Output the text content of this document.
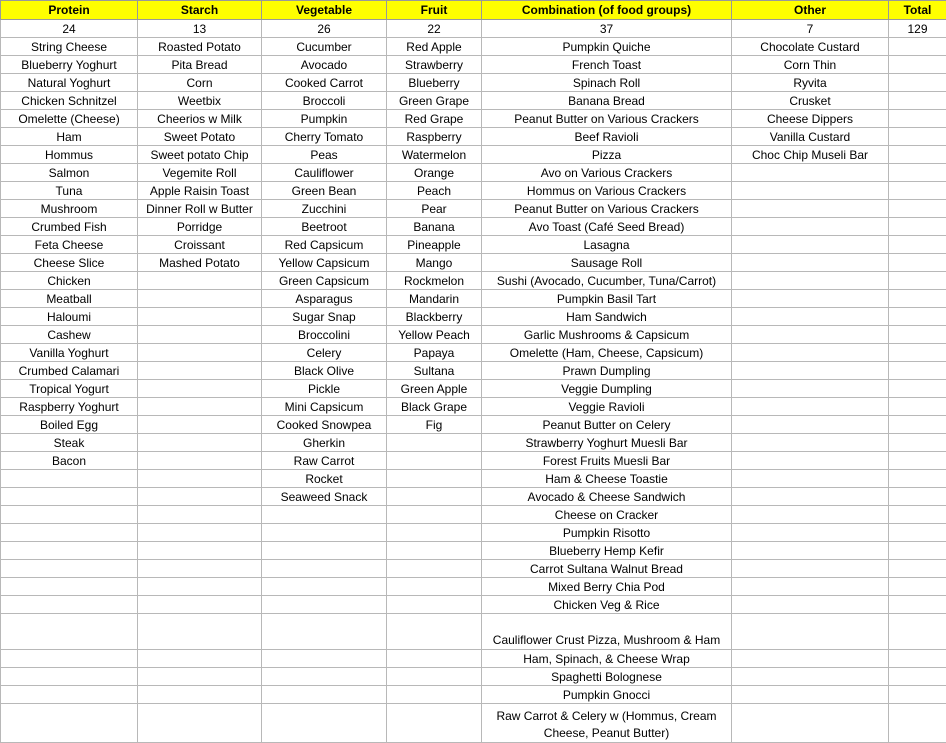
Protein	Starch	Vegetable	Fruit	Combination (of food groups)	Other	Total
24	13	26	22	37	7	129
String Cheese	Roasted Potato	Cucumber	Red Apple	Pumpkin Quiche	Chocolate Custard	
Blueberry Yoghurt	Pita Bread	Avocado	Strawberry	French Toast	Corn Thin	
Natural Yoghurt	Corn	Cooked Carrot	Blueberry	Spinach Roll	Ryvita	
Chicken Schnitzel	Weetbix	Broccoli	Green Grape	Banana Bread	Crusket	
Omelette (Cheese)	Cheerios w Milk	Pumpkin	Red Grape	Peanut Butter on Various Crackers	Cheese Dippers	
Ham	Sweet Potato	Cherry Tomato	Raspberry	Beef Ravioli	Vanilla Custard	
Hommus	Sweet potato Chip	Peas	Watermelon	Pizza	Choc Chip Museli Bar	
Salmon	Vegemite Roll	Cauliflower	Orange	Avo on Various Crackers		
Tuna	Apple Raisin Toast	Green Bean	Peach	Hommus on Various Crackers		
Mushroom	Dinner Roll w Butter	Zucchini	Pear	Peanut Butter on Various Crackers		
Crumbed Fish	Porridge	Beetroot	Banana	Avo Toast (Café Seed Bread)		
Feta Cheese	Croissant	Red Capsicum	Pineapple	Lasagna		
Cheese Slice	Mashed Potato	Yellow Capsicum	Mango	Sausage Roll		
Chicken		Green Capsicum	Rockmelon	Sushi (Avocado, Cucumber, Tuna/Carrot)		
Meatball		Asparagus	Mandarin	Pumpkin Basil Tart		
Haloumi		Sugar Snap	Blackberry	Ham Sandwich		
Cashew		Broccolini	Yellow Peach	Garlic Mushrooms & Capsicum		
Vanilla Yoghurt		Celery	Papaya	Omelette (Ham, Cheese, Capsicum)		
Crumbed Calamari		Black Olive	Sultana	Prawn Dumpling		
Tropical Yogurt		Pickle	Green Apple	Veggie Dumpling		
Raspberry Yoghurt		Mini Capsicum	Black Grape	Veggie Ravioli		
Boiled Egg		Cooked Snowpea	Fig	Peanut Butter on Celery		
Steak		Gherkin		Strawberry Yoghurt Muesli Bar		
Bacon		Raw Carrot		Forest Fruits Muesli Bar		
		Rocket		Ham & Cheese Toastie		
		Seaweed Snack		Avocado & Cheese Sandwich		
				Cheese on Cracker		
				Pumpkin Risotto		
				Blueberry Hemp Kefir		
				Carrot Sultana Walnut Bread		
				Mixed Berry Chia Pod		
				Chicken Veg & Rice		
				Cauliflower Crust Pizza, Mushroom & Ham		
				Ham, Spinach, & Cheese Wrap		
				Spaghetti Bolognese		
				Pumpkin Gnocci		
				Raw Carrot & Celery w (Hommus, Cream Cheese, Peanut Butter)		
